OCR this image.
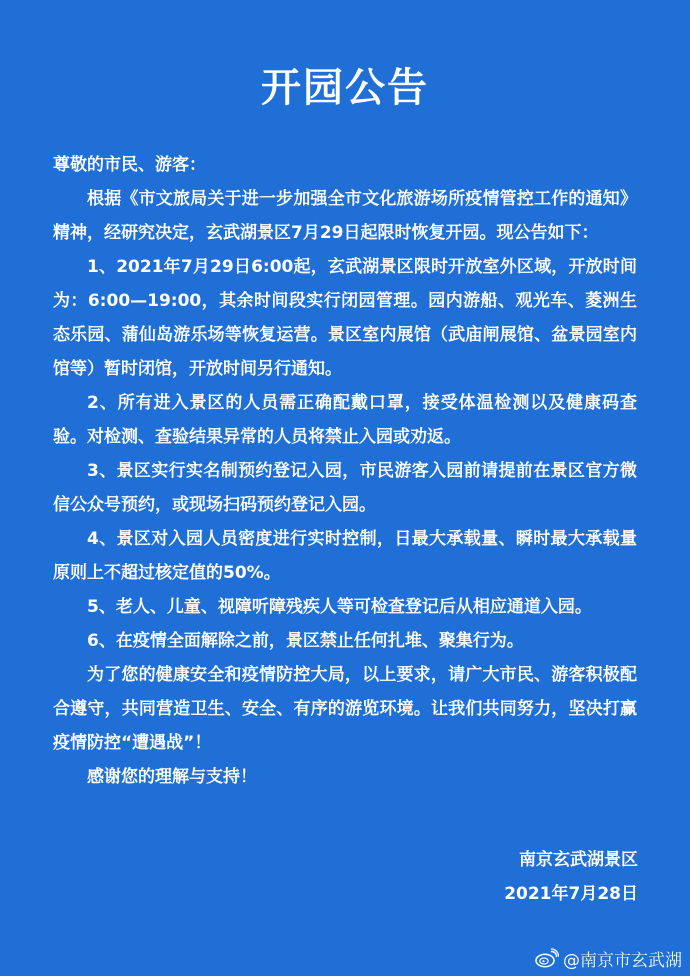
开园公告
尊敬的市民、游客：

根据《市文旅局关于进一步加强全市文化旅游场所疫情管控工作的通知》精神，经研究决定，玄武湖景区7月29日起限时恢复开园。现公告如下：

1、2021年7月29日6:00起，玄武湖景区限时开放室外区域，开放时间为：6:00—19:00，其余时间段实行闭园管理。园内游船、观光车、菱洲生态乐园、蒲仙岛游乐场等恢复运营。景区室内展馆（武庙闸展馆、盆景园室内馆等）暂时闭馆，开放时间另行通知。

2、所有进入景区的人员需正确配戴口罩，接受体温检测以及健康码查验。对检测、查验结果异常的人员将禁止入园或劝返。

3、景区实行实名制预约登记入园，市民游客入园前请提前在景区官方微信公众号预约，或现场扫码预约登记入园。

4、景区对入园人员密度进行实时控制，日最大承载量、瞬时最大承载量原则上不超过核定值的50%。

5、老人、儿童、视障听障残疾人等可检查登记后从相应通道入园。

6、在疫情全面解除之前，景区禁止任何扎堆、聚集行为。

为了您的健康安全和疫情防控大局，以上要求，请广大市民、游客积极配合遵守，共同营造卫生、安全、有序的游览环境。让我们共同努力，坚决打赢疫情防控“遭遇战”！

感谢您的理解与支持！

南京玄武湖景区
2021年7月28日
@南京市玄武湖
